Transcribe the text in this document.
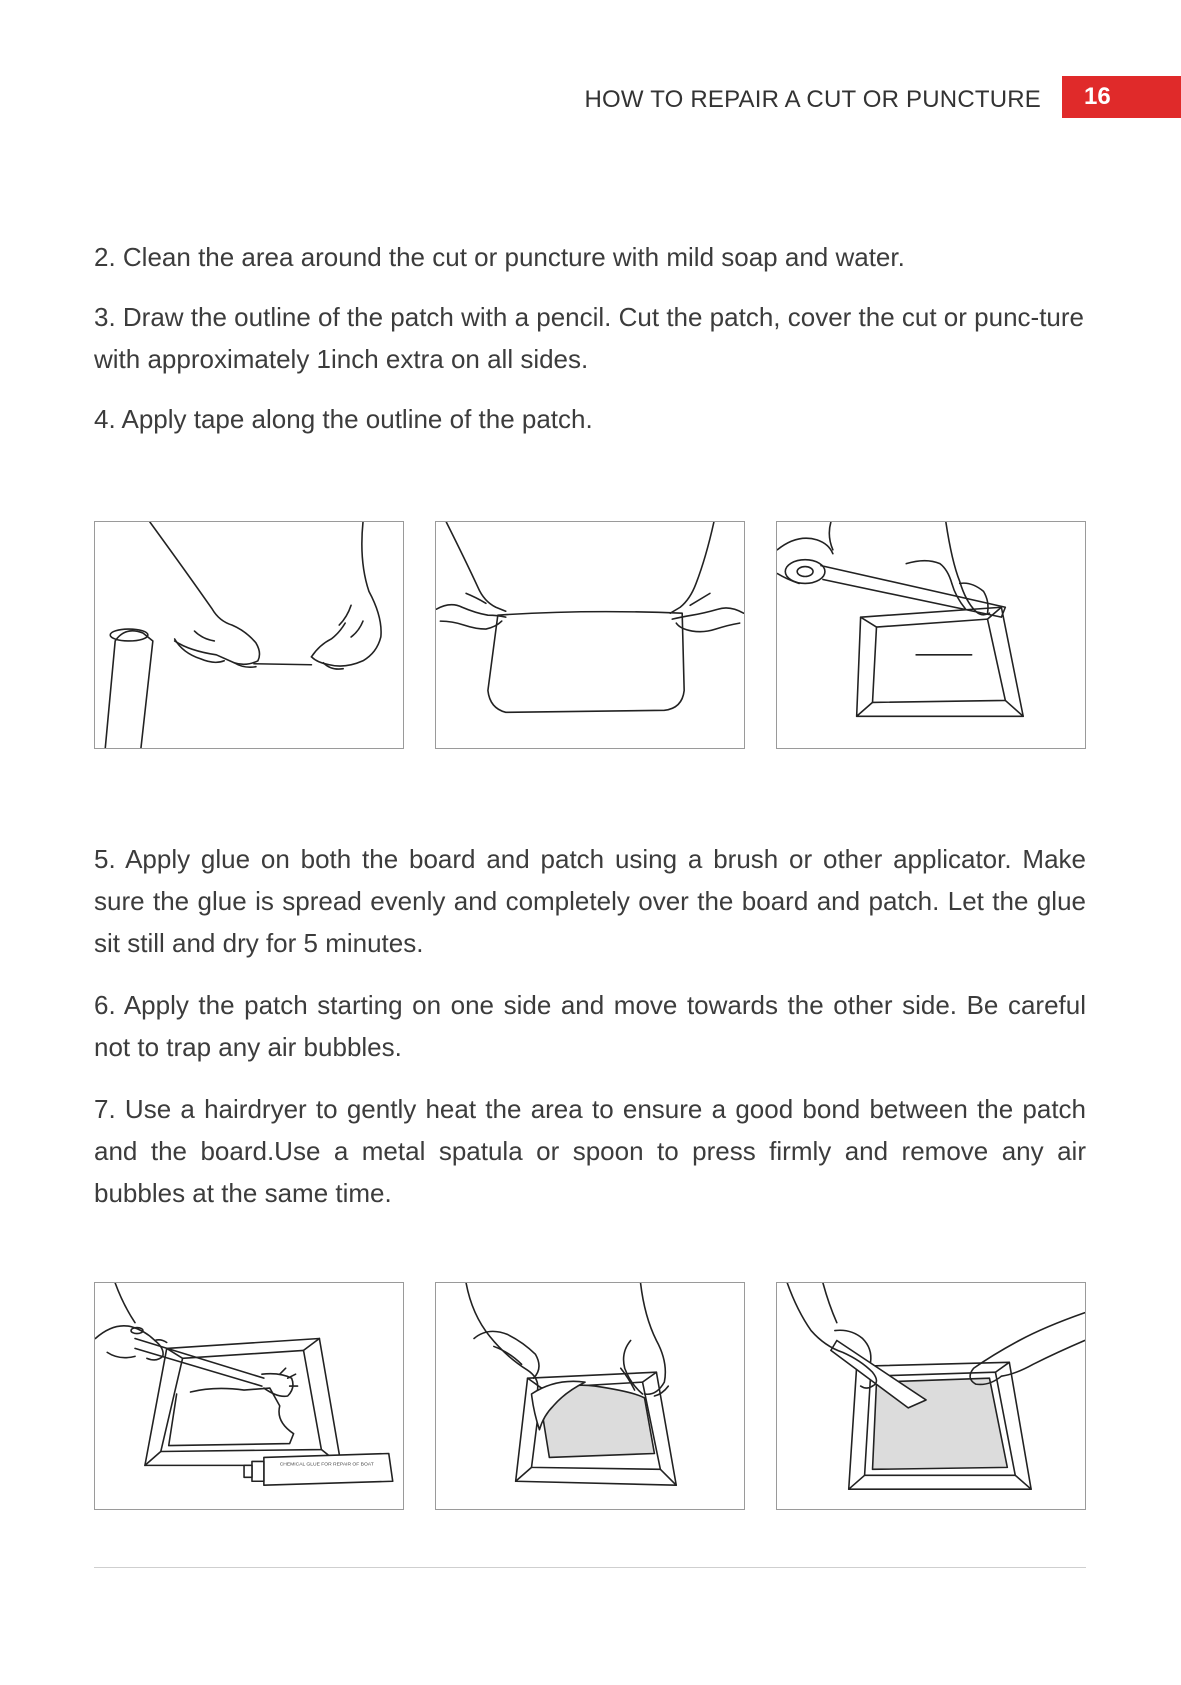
HOW TO REPAIR A CUT OR PUNCTURE	16

2. Clean the area around the cut or puncture with mild soap and water.

3. Draw the outline of the patch with a pencil. Cut the patch, cover the cut or punc-ture with approximately 1inch extra on all sides.

4. Apply tape along the outline of the patch.

5. Apply glue on both the board and patch using a brush or other applicator. Make sure the glue is spread evenly and completely over the board and patch. Let the glue sit still and dry for 5 minutes.

6. Apply the patch starting on one side and move towards the other side. Be careful not to trap any air bubbles.

7. Use a hairdryer to gently heat the area to ensure a good bond between the patch and the board.Use a metal spatula or spoon to press firmly and remove any air bubbles at the same time.

CHEMICAL GLUE FOR REPAIR OF BOAT
